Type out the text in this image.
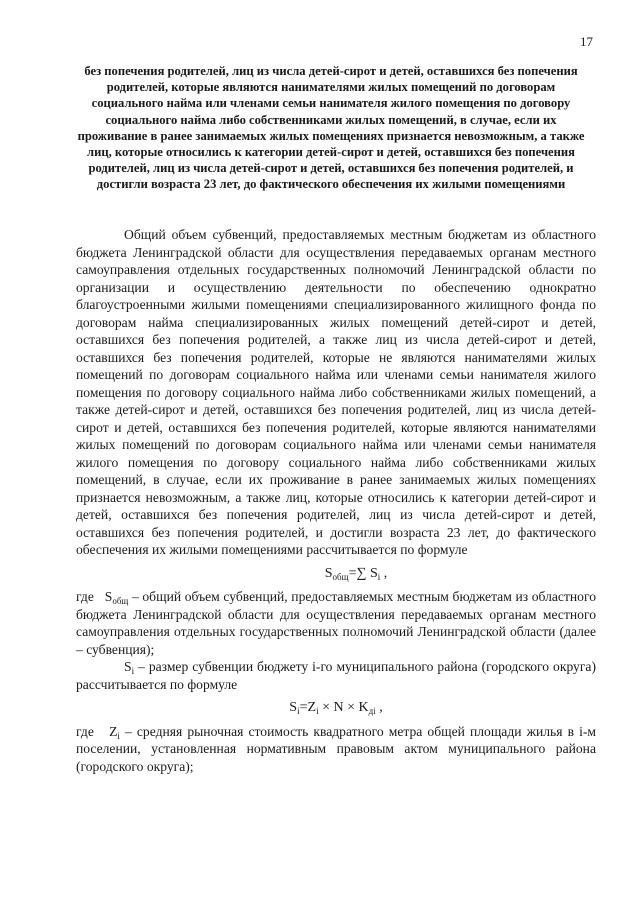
17
без попечения родителей, лиц из числа детей-сирот и детей, оставшихся без попечения родителей, которые являются нанимателями жилых помещений по договорам социального найма или членами семьи нанимателя жилого помещения по договору социального найма либо собственниками жилых помещений, в случае, если их проживание в ранее занимаемых жилых помещениях признается невозможным, а также лиц, которые относились к категории детей-сирот и детей, оставшихся без попечения родителей, лиц из числа детей-сирот и детей, оставшихся без попечения родителей, и достигли возраста 23 лет, до фактического обеспечения их жилыми помещениями

Общий объем субвенций, предоставляемых местным бюджетам из областного бюджета Ленинградской области для осуществления передаваемых органам местного самоуправления отдельных государственных полномочий Ленинградской области по организации и осуществлению деятельности по обеспечению однократно благоустроенными жилыми помещениями специализированного жилищного фонда по договорам найма специализированных жилых помещений детей-сирот и детей, оставшихся без попечения родителей, а также лиц из числа детей-сирот и детей, оставшихся без попечения родителей, которые не являются нанимателями жилых помещений по договорам социального найма или членами семьи нанимателя жилого помещения по договору социального найма либо собственниками жилых помещений, а также детей-сирот и детей, оставшихся без попечения родителей, лиц из числа детей-сирот и детей, оставшихся без попечения родителей, которые являются нанимателями жилых помещений по договорам социального найма или членами семьи нанимателя жилого помещения по договору социального найма либо собственниками жилых помещений, в случае, если их проживание в ранее занимаемых жилых помещениях признается невозможным, а также лиц, которые относились к категории детей-сирот и детей, оставшихся без попечения родителей, лиц из числа детей-сирот и детей, оставшихся без попечения родителей, и достигли возраста 23 лет, до фактического обеспечения их жилыми помещениями рассчитывается по формуле

$S_{общ}=\sum$ $S_i$ ,

где   $S_{общ}$ – общий объем субвенций, предоставляемых местным бюджетам из областного бюджета Ленинградской области для осуществления передаваемых органам местного самоуправления отдельных государственных полномочий Ленинградской области (далее – субвенция);

$S_i$ – размер субвенции бюджету i-го муниципального района (городского округа) рассчитывается по формуле

$S_i=Z_i \times N \times K_{дi}$ ,

где   $Z_i$ – средняя рыночная стоимость квадратного метра общей площади жилья в i-м поселении, установленная нормативным правовым актом муниципального района (городского округа);
